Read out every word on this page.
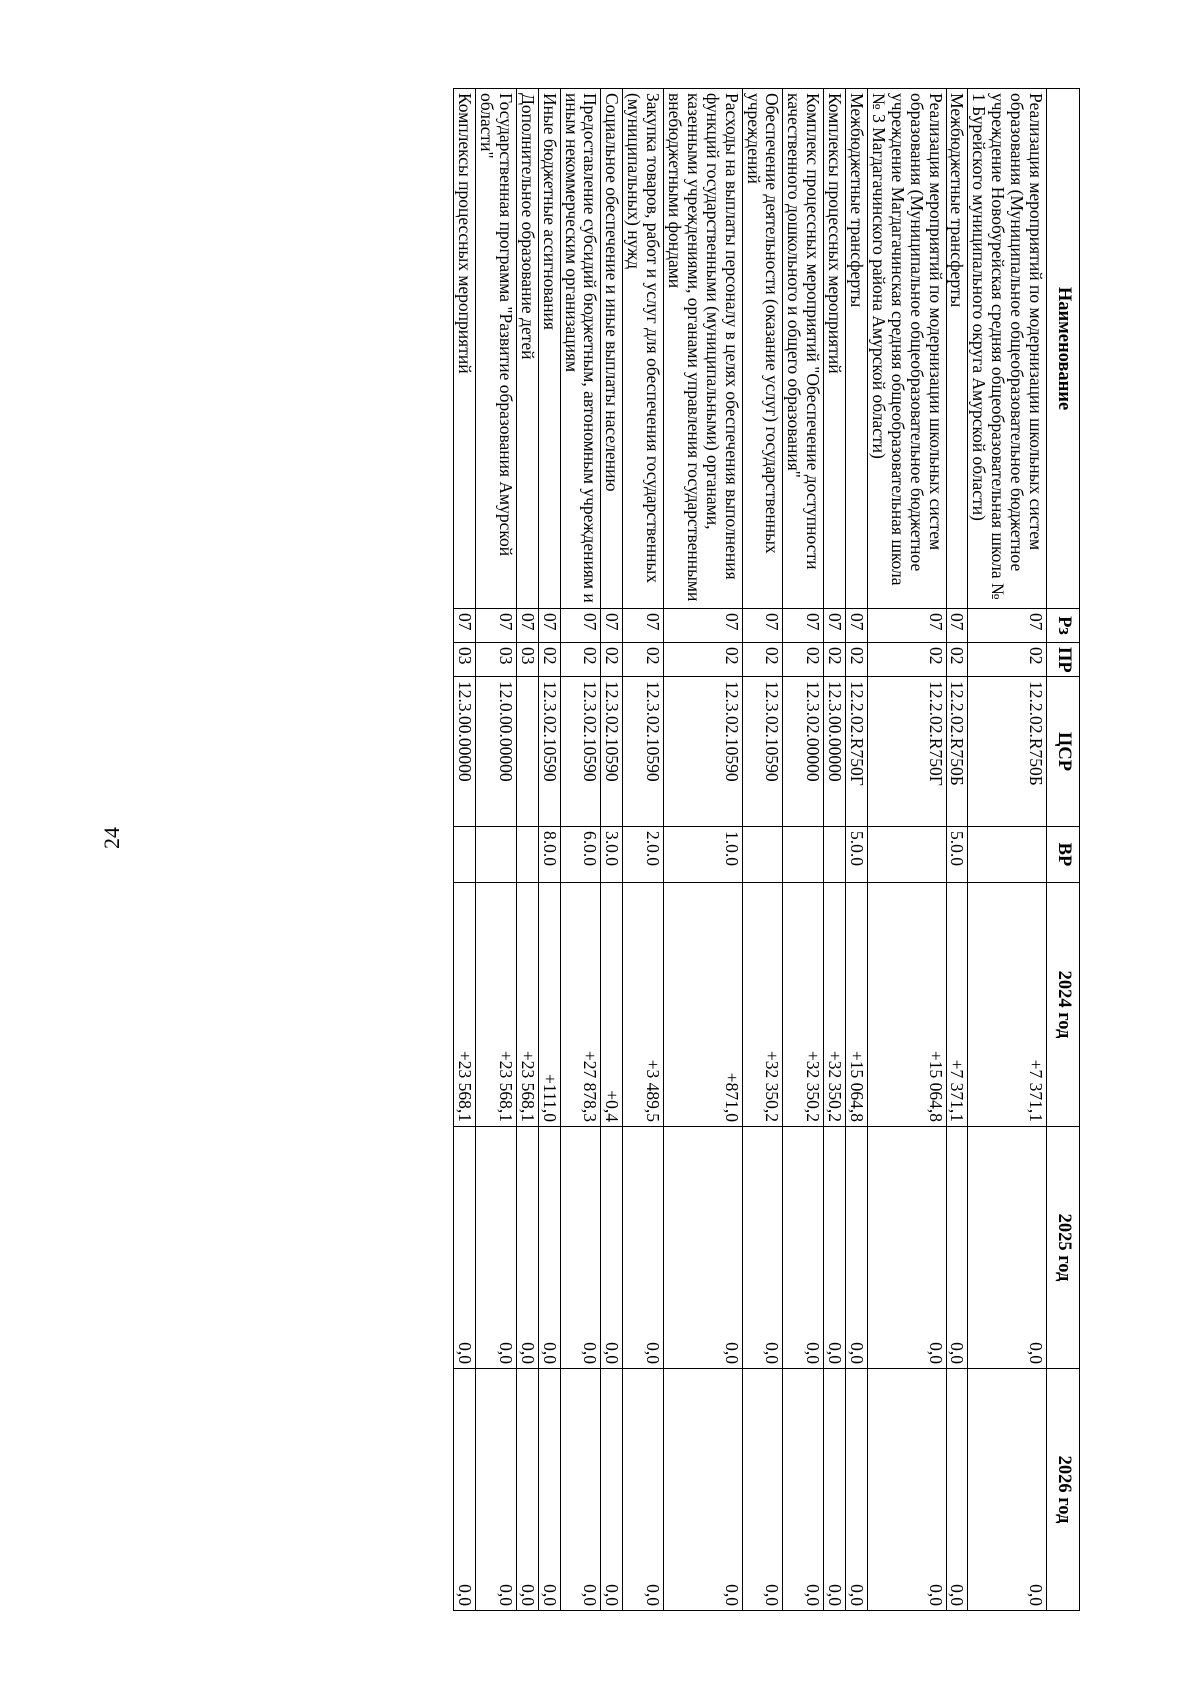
24
Наименование	Рз	ПР	ЦСР	ВР	2024 год	2025 год	2026 год
Реализация мероприятий по модернизации школьных систем образования (Муниципальное общеобразовательное бюджетное учреждение Новобурейская средняя общеобразовательная школа № 1 Бурейского муниципального округа Амурской области)	07	02	12.2.02.R750Б		+7 371,1	0,0	0,0
Межбюджетные трансферты	07	02	12.2.02.R750Б	5.0.0	+7 371,1	0,0	0,0
Реализация мероприятий по модернизации школьных систем образования (Муниципальное общеобразовательное бюджетное учреждение Магдагачинская средняя общеобразовательная школа № 3 Магдагачинского района Амурской области)	07	02	12.2.02.R750Г		+15 064,8	0,0	0,0
Межбюджетные трансферты	07	02	12.2.02.R750Г	5.0.0	+15 064,8	0,0	0,0
Комплексы процессных мероприятий	07	02	12.3.00.00000		+32 350,2	0,0	0,0
Комплекс процессных мероприятий "Обеспечение доступности качественного дошкольного и общего образования"	07	02	12.3.02.00000		+32 350,2	0,0	0,0
Обеспечение деятельности (оказание услуг) государственных учреждений	07	02	12.3.02.10590		+32 350,2	0,0	0,0
Расходы на выплаты персоналу в целях обеспечения выполнения функций государственными (муниципальными) органами, казенными учреждениями, органами управления государственными внебюджетными фондами	07	02	12.3.02.10590	1.0.0	+871,0	0,0	0,0
Закупка товаров, работ и услуг для обеспечения государственных (муниципальных) нужд	07	02	12.3.02.10590	2.0.0	+3 489,5	0,0	0,0
Социальное обеспечение и иные выплаты населению	07	02	12.3.02.10590	3.0.0	+0,4	0,0	0,0
Предоставление субсидий бюджетным, автономным учреждениям и иным некоммерческим организациям	07	02	12.3.02.10590	6.0.0	+27 878,3	0,0	0,0
Иные бюджетные ассигнования	07	02	12.3.02.10590	8.0.0	+111,0	0,0	0,0
Дополнительное образование детей	07	03			+23 568,1	0,0	0,0
Государственная программа "Развитие образования Амурской области"	07	03	12.0.00.00000		+23 568,1	0,0	0,0
Комплексы процессных мероприятий	07	03	12.3.00.00000		+23 568,1	0,0	0,0
